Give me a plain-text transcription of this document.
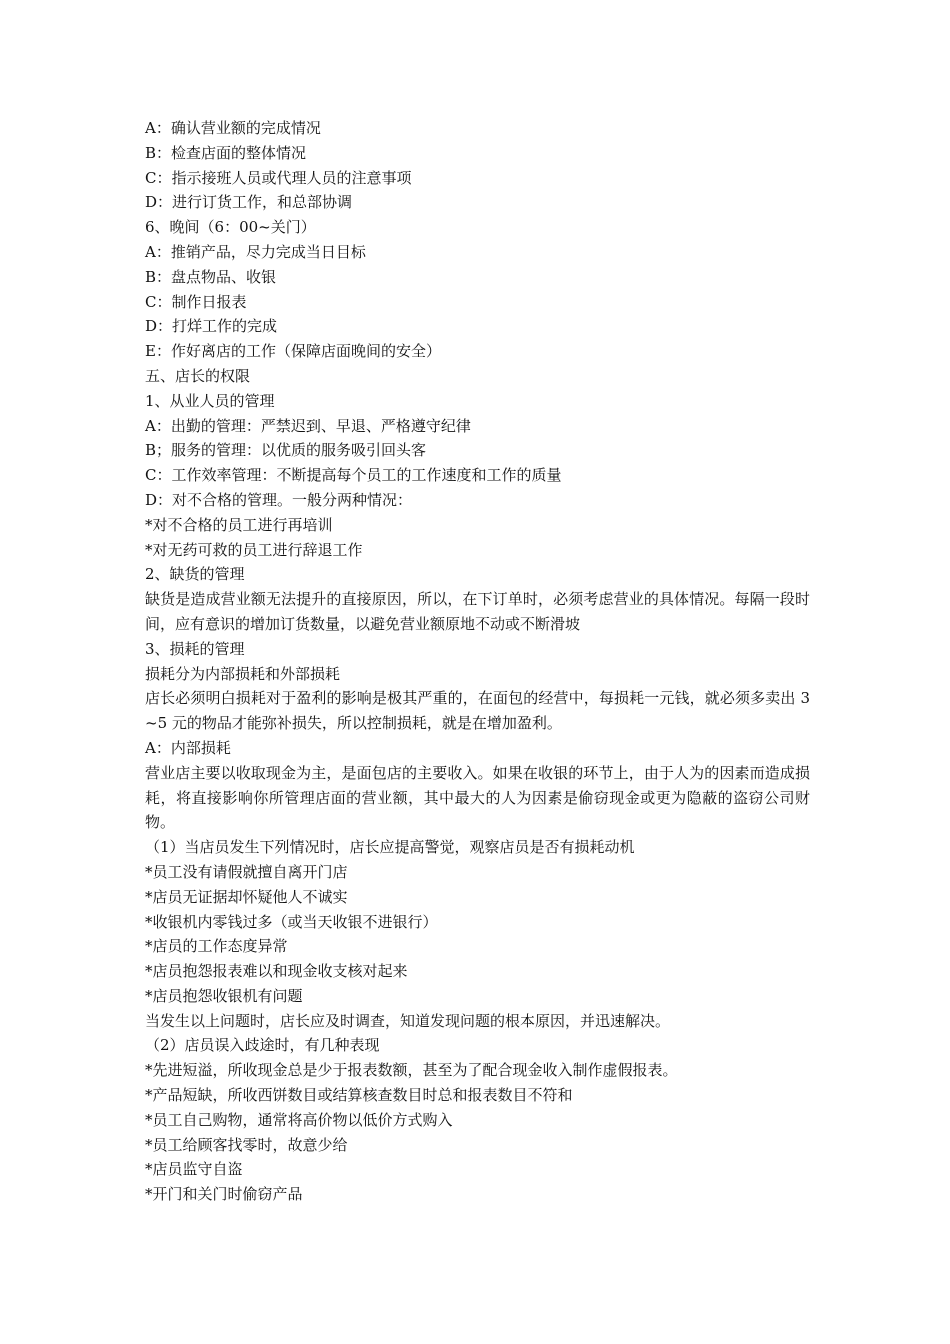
A：确认营业额的完成情况

B：检查店面的整体情况

C：指示接班人员或代理人员的注意事项

D：进行订货工作，和总部协调

6、晚间（6：00~关门）

A：推销产品，尽力完成当日目标

B：盘点物品、收银

C：制作日报表

D：打烊工作的完成

E：作好离店的工作（保障店面晚间的安全）

五、店长的权限

1、从业人员的管理

A：出勤的管理：严禁迟到、早退、严格遵守纪律

B；服务的管理：以优质的服务吸引回头客

C：工作效率管理：不断提高每个员工的工作速度和工作的质量

D：对不合格的管理。一般分两种情况：

*对不合格的员工进行再培训

*对无药可救的员工进行辞退工作

2、缺货的管理

缺货是造成营业额无法提升的直接原因，所以，在下订单时，必须考虑营业的具体情况。每隔一段时间，应有意识的增加订货数量，以避免营业额原地不动或不断滑坡

3、损耗的管理

损耗分为内部损耗和外部损耗

店长必须明白损耗对于盈利的影响是极其严重的，在面包的经营中，每损耗一元钱，就必须多卖出 3~5 元的物品才能弥补损失，所以控制损耗，就是在增加盈利。

A：内部损耗

营业店主要以收取现金为主，是面包店的主要收入。如果在收银的环节上，由于人为的因素而造成损耗，将直接影响你所管理店面的营业额，其中最大的人为因素是偷窃现金或更为隐蔽的盗窃公司财物。

（1）当店员发生下列情况时，店长应提高警觉，观察店员是否有损耗动机

*员工没有请假就擅自离开门店

*店员无证据却怀疑他人不诚实

*收银机内零钱过多（或当天收银不进银行）

*店员的工作态度异常

*店员抱怨报表难以和现金收支核对起来

*店员抱怨收银机有问题

当发生以上问题时，店长应及时调查，知道发现问题的根本原因，并迅速解决。

（2）店员误入歧途时，有几种表现

*先进短溢，所收现金总是少于报表数额，甚至为了配合现金收入制作虚假报表。

*产品短缺，所收西饼数目或结算核查数目时总和报表数目不符和

*员工自己购物，通常将高价物以低价方式购入

*员工给顾客找零时，故意少给

*店员监守自盗

*开门和关门时偷窃产品
